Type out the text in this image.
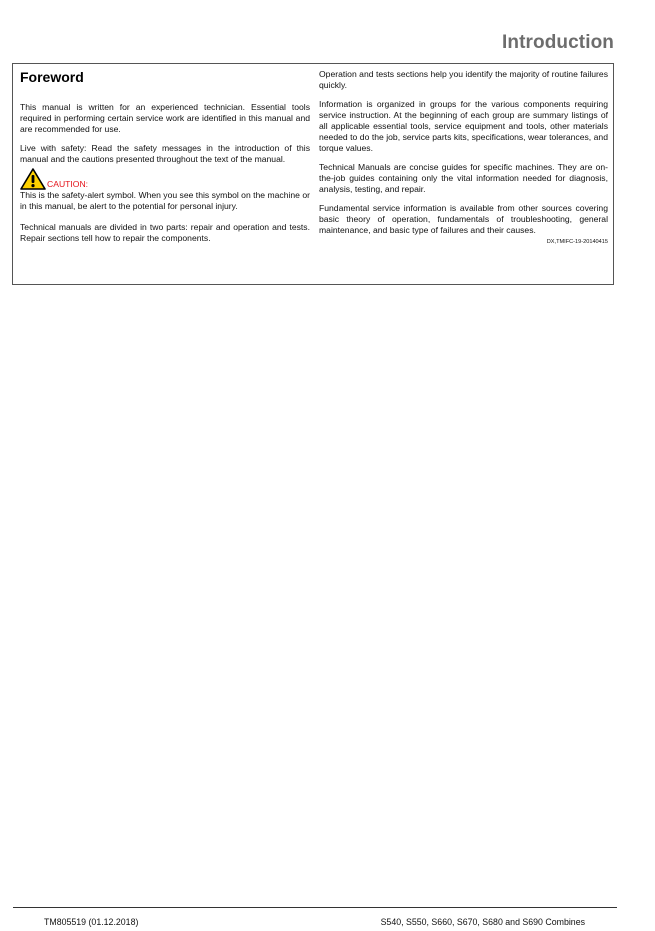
Introduction
Foreword

This manual is written for an experienced technician. Essential tools required in performing certain service work are identified in this manual and are recommended for use.

Live with safety: Read the safety messages in the introduction of this manual and the cautions presented throughout the text of the manual.

CAUTION:

This is the safety-alert symbol. When you see this symbol on the machine or in this manual, be alert to the potential for personal injury.

Technical manuals are divided in two parts: repair and operation and tests. Repair sections tell how to repair the components.

Operation and tests sections help you identify the majority of routine failures quickly.

Information is organized in groups for the various components requiring service instruction. At the beginning of each group are summary listings of all applicable essential tools, service equipment and tools, other materials needed to do the job, service parts kits, specifications, wear tolerances, and torque values.

Technical Manuals are concise guides for specific machines. They are on-the-job guides containing only the vital information needed for diagnosis, analysis, testing, and repair.

Fundamental service information is available from other sources covering basic theory of operation, fundamentals of troubleshooting, general maintenance, and basic type of failures and their causes.

DX,TMIFC-19-20140415
TM805519 (01.12.2018)	S540, S550, S660, S670, S680 and S690 Combines
